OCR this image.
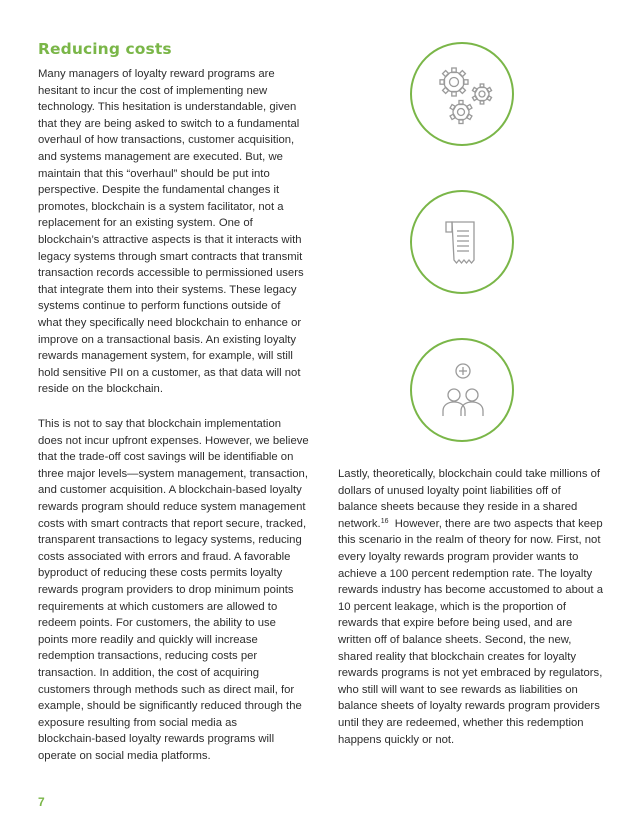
Reducing costs
Many managers of loyalty reward programs are
hesitant to incur the cost of implementing new
technology. This hesitation is understandable, given
that they are being asked to switch to a fundamental
overhaul of how transactions, customer acquisition,
and systems management are executed. But, we
maintain that this “overhaul” should be put into
perspective. Despite the fundamental changes it
promotes, blockchain is a system facilitator, not a
replacement for an existing system. One of
blockchain’s attractive aspects is that it interacts with
legacy systems through smart contracts that transmit
transaction records accessible to permissioned users
that integrate them into their systems. These legacy
systems continue to perform functions outside of
what they specifically need blockchain to enhance or
improve on a transactional basis. An existing loyalty
rewards management system, for example, will still
hold sensitive PII on a customer, as that data will not
reside on the blockchain.
This is not to say that blockchain implementation
does not incur upfront expenses. However, we believe
that the trade-off cost savings will be identifiable on
three major levels—system management, transaction,
and customer acquisition. A blockchain-based loyalty
rewards program should reduce system management
costs with smart contracts that report secure, tracked,
transparent transactions to legacy systems, reducing
costs associated with errors and fraud. A favorable
byproduct of reducing these costs permits loyalty
rewards program providers to drop minimum points
requirements at which customers are allowed to
redeem points. For customers, the ability to use
points more readily and quickly will increase
redemption transactions, reducing costs per
transaction. In addition, the cost of acquiring
customers through methods such as direct mail, for
example, should be significantly reduced through the
exposure resulting from social media as
blockchain-based loyalty rewards programs will
operate on social media platforms.
Lastly, theoretically, blockchain could take millions of
dollars of unused loyalty point liabilities off of
balance sheets because they reside in a shared
network.$^{16}$  However, there are two aspects that keep
this scenario in the realm of theory for now. First, not
every loyalty rewards program provider wants to
achieve a 100 percent redemption rate. The loyalty
rewards industry has become accustomed to about a
10 percent leakage, which is the proportion of
rewards that expire before being used, and are
written off of balance sheets. Second, the new,
shared reality that blockchain creates for loyalty
rewards programs is not yet embraced by regulators,
who still will want to see rewards as liabilities on
balance sheets of loyalty rewards program providers
until they are redeemed, whether this redemption
happens quickly or not.
7
